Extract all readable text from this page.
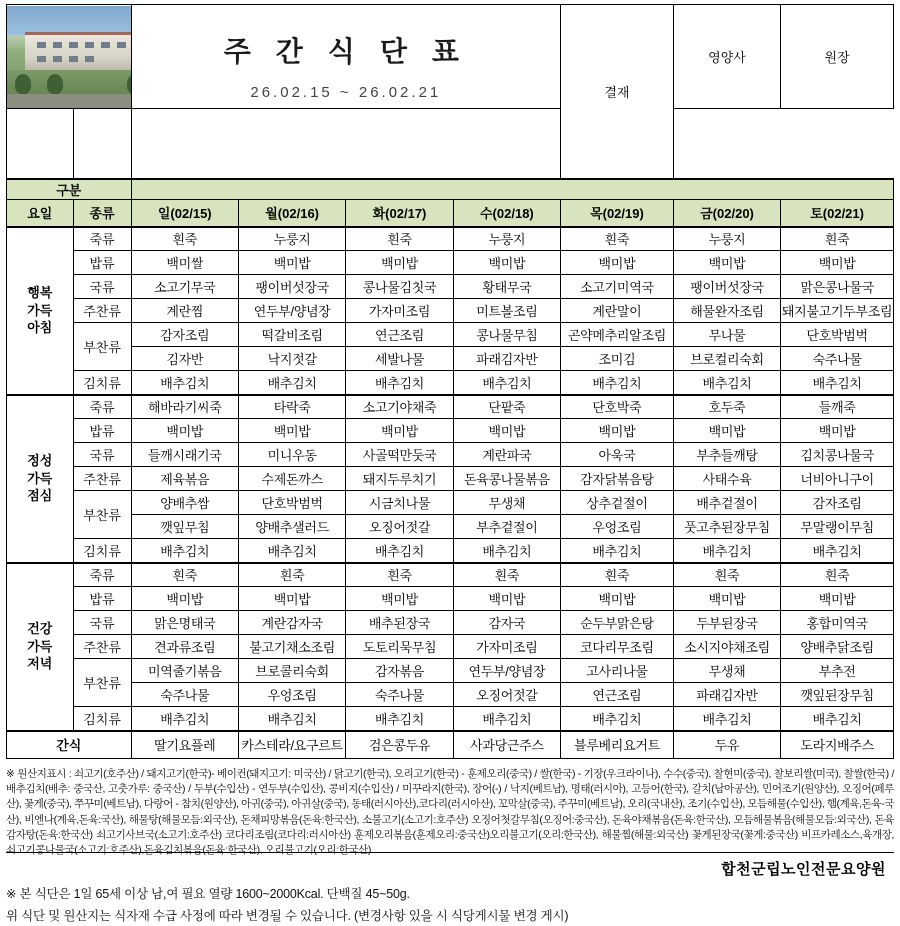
		주 간 식 단 표
26.02.15 ~ 26.02.21				결재	영양사	원장

구분								
요일	종류	일(02/15)	월(02/16)	화(02/17)	수(02/18)	목(02/19)	금(02/20)	토(02/21)
행복
가득
아침	죽류	흰죽	누룽지	흰죽	누룽지	흰죽	누룽지	흰죽
	밥류	백미쌀	백미밥	백미밥	백미밥	백미밥	백미밥	백미밥
	국류	소고기무국	팽이버섯장국	콩나물김칫국	황태무국	소고기미역국	팽이버섯장국	맑은콩나물국
	주찬류	계란찜	연두부/양념장	가자미조림	미트볼조림	계란말이	해물완자조림	돼지불고기두부조림
	부찬류	감자조림	떡갈비조림	연근조림	콩나물무침	곤약메추리알조림	무나물	단호박범벅
		김자반	낙지젓갈	세발나물	파래김자반	조미김	브로컬리숙회	숙주나물
	김치류	배추김치	배추김치	배추김치	배추김치	배추김치	배추김치	배추김치
정성
가득
점심	죽류	해바라기씨죽	타락죽	소고기야채죽	단팥죽	단호박죽	호두죽	들깨죽
	밥류	백미밥	백미밥	백미밥	백미밥	백미밥	백미밥	백미밥
	국류	들깨시래기국	미니우동	사골떡만둣국	계란파국	아욱국	부추들깨탕	김치콩나물국
	주찬류	제육볶음	수제돈까스	돼지두루치기	돈육콩나물볶음	감자닭볶음탕	사태수육	너비아니구이
	부찬류	양배추쌈	단호박범벅	시금치나물	무생채	상추겉절이	배추겉절이	감자조림
		깻잎무침	양배추샐러드	오징어젓갈	부추겉절이	우엉조림	풋고추된장무침	무말랭이무침
	김치류	배추김치	배추김치	배추김치	배추김치	배추김치	배추김치	배추김치
건강
가득
저녁	죽류	흰죽	흰죽	흰죽	흰죽	흰죽	흰죽	흰죽
	밥류	백미밥	백미밥	백미밥	백미밥	백미밥	백미밥	백미밥
	국류	맑은명태국	계란감자국	배추된장국	감자국	순두부맑은탕	두부된장국	홍합미역국
	주찬류	견과류조림	불고기채소조림	도토리묵무침	가자미조림	코다리무조림	소시지야채조림	양배추닭조림
	부찬류	미역줄기볶음	브로콜리숙회	감자볶음	연두부/양념장	고사리나물	무생채	부추전
		숙주나물	우엉조림	숙주나물	오징어젓갈	연근조림	파래김자반	깻잎된장무침
	김치류	배추김치	배추김치	배추김치	배추김치	배추김치	배추김치	배추김치
간식		딸기요플레	카스테라/요구르트	검은콩두유	사과당근주스	블루베리요거트	두유	도라지배주스
※ 원산지표시 : 쇠고기(호주산) / 돼지고기(한국)- 베이컨(돼지고기: 미국산) / 닭고기(한국), 오리고기(한국) - 훈제오리(중국) / 쌀(한국) - 기장(우크라이나), 수수(중국), 찰현미(중국), 찰보리쌀(미국), 찰쌀(한국) / 배추김치(배추: 중국산, 고춧가루: 중국산) / 두부(수입산) - 연두부(수입산), 콩비지(수입산) / 미꾸라지(한국), 장어(-) / 낙지(베트남), 명태(러시아), 고등어(한국), 갈치(남아공산), 민어조기(원양산), 오징어(페루산), 꽃게(중국), 쭈꾸미(베트남), 다랑어 - 참치(원양산), 아귀(중국), 아귀살(중국), 동태(러시아산),코다리(러시아산), 꼬막살(중국), 주꾸미(베트남), 오리(국내산), 조기(수입산), 모듬해물(수입산), 햄(계육,돈육-국산), 비엔나(계육,돈육:국산), 해물탕(해물모듬:외국산), 돈채피망볶음(돈육:한국산), 소불고기(소고기:호주산) 오징어첫갈무침(오징어:중국산), 돈육야채볶음(돈육:한국산), 모듬해물볶음(해물모듬:외국산), 돈육감자탕(돈육:한국산) 쇠고기사브국(소고기:호주산) 코다리조림(코다리:러시아산) 훈제오리볶음(훈제오리:중국산)오리불고기(오리:한국산), 해물찜(해물:외국산) 꽃게된장국(꽃게:중국산) 비프카레소스,육개장,쇠고기콩나물국(소고기:호주산),돈육김치볶음(돈육:한국산), 오리불고기(오리:한국산)
※ 본 식단은 1일 65세 이상 남,여 필요 열량 1600~2000Kcal. 단백질 45~50g.
위 식단 및 원산지는 식자재 수급 사정에 따라 변경될 수 있습니다. (변경사항 있을 시 식당게시물 변경 게시)
합천군립노인전문요양원
